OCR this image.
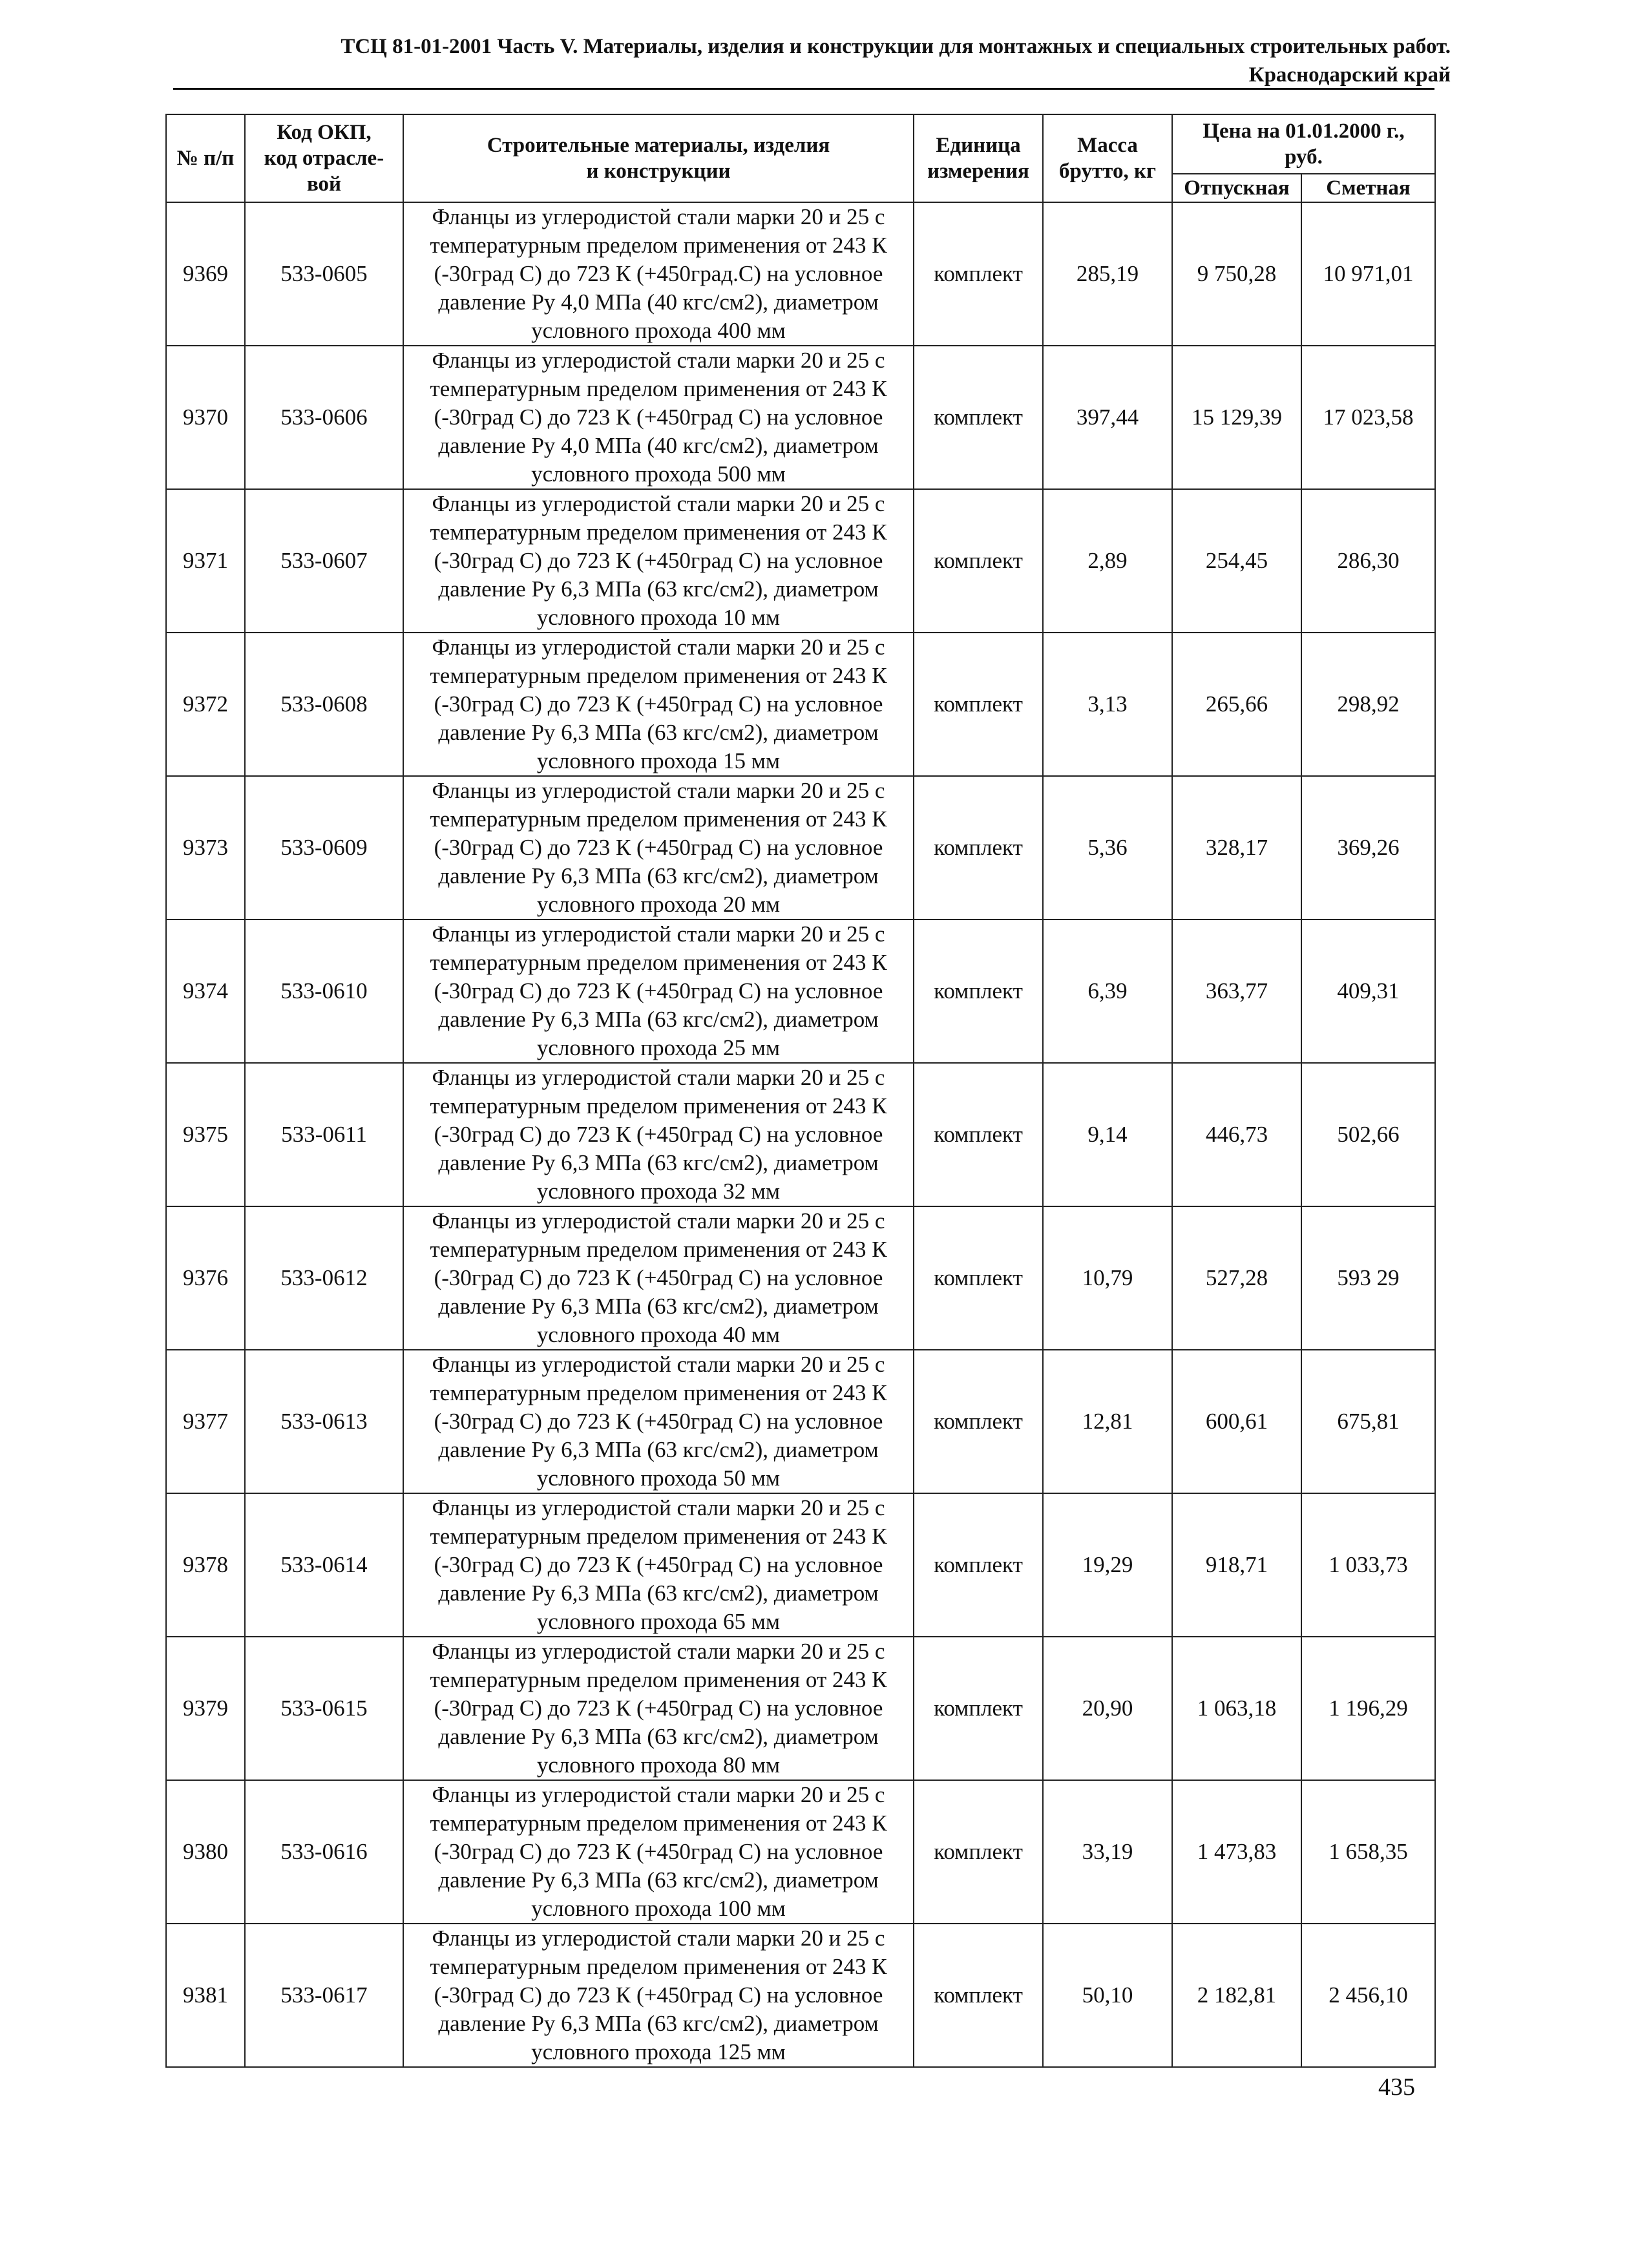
ТСЦ 81-01-2001 Часть V. Материалы, изделия и конструкции для монтажных и специальных строительных работ.
Краснодарский край
№ п/п	Код ОКП,
код отрасле-
вой	Строительные материалы, изделия
и конструкции	Единица
измерения	Масса
брутто, кг	Цена на 01.01.2000 г.,
руб.	
					Отпускная	Сметная
9369	533-0605	Фланцы из углеродистой стали марки 20 и 25 с
температурным пределом применения от 243 К
(-30град С) до 723 К (+450град.С) на условное
давление Ру 4,0 МПа (40 кгс/см2), диаметром
условного прохода 400 мм	комплект	285,19	9 750,28	10 971,01
9370	533-0606	Фланцы из углеродистой стали марки 20 и 25 с
температурным пределом применения от 243 К
(-30град С) до 723 К (+450град С) на условное
давление Ру 4,0 МПа (40 кгс/см2), диаметром
условного прохода 500 мм	комплект	397,44	15 129,39	17 023,58
9371	533-0607	Фланцы из углеродистой стали марки 20 и 25 с
температурным пределом применения от 243 К
(-30град С) до 723 К (+450град С) на условное
давление Ру 6,3 МПа (63 кгс/см2), диаметром
условного прохода 10 мм	комплект	2,89	254,45	286,30
9372	533-0608	Фланцы из углеродистой стали марки 20 и 25 с
температурным пределом применения от 243 К
(-30град С) до 723 К (+450град С) на условное
давление Ру 6,3 МПа (63 кгс/см2), диаметром
условного прохода 15 мм	комплект	3,13	265,66	298,92
9373	533-0609	Фланцы из углеродистой стали марки 20 и 25 с
температурным пределом применения от 243 К
(-30град С) до 723 К (+450град С) на условное
давление Ру 6,3 МПа (63 кгс/см2), диаметром
условного прохода 20 мм	комплект	5,36	328,17	369,26
9374	533-0610	Фланцы из углеродистой стали марки 20 и 25 с
температурным пределом применения от 243 К
(-30град С) до 723 К (+450град С) на условное
давление Ру 6,3 МПа (63 кгс/см2), диаметром
условного прохода 25 мм	комплект	6,39	363,77	409,31
9375	533-0611	Фланцы из углеродистой стали марки 20 и 25 с
температурным пределом применения от 243 К
(-30град С) до 723 К (+450град С) на условное
давление Ру 6,3 МПа (63 кгс/см2), диаметром
условного прохода 32 мм	комплект	9,14	446,73	502,66
9376	533-0612	Фланцы из углеродистой стали марки 20 и 25 с
температурным пределом применения от 243 К
(-30град С) до 723 К (+450град С) на условное
давление Ру 6,3 МПа (63 кгс/см2), диаметром
условного прохода 40 мм	комплект	10,79	527,28	593 29
9377	533-0613	Фланцы из углеродистой стали марки 20 и 25 с
температурным пределом применения от 243 К
(-30град С) до 723 К (+450град С) на условное
давление Ру 6,3 МПа (63 кгс/см2), диаметром
условного прохода 50 мм	комплект	12,81	600,61	675,81
9378	533-0614	Фланцы из углеродистой стали марки 20 и 25 с
температурным пределом применения от 243 К
(-30град С) до 723 К (+450град С) на условное
давление Ру 6,3 МПа (63 кгс/см2), диаметром
условного прохода 65 мм	комплект	19,29	918,71	1 033,73
9379	533-0615	Фланцы из углеродистой стали марки 20 и 25 с
температурным пределом применения от 243 К
(-30град С) до 723 К (+450град С) на условное
давление Ру 6,3 МПа (63 кгс/см2), диаметром
условного прохода 80 мм	комплект	20,90	1 063,18	1 196,29
9380	533-0616	Фланцы из углеродистой стали марки 20 и 25 с
температурным пределом применения от 243 К
(-30град С) до 723 К (+450град С) на условное
давление Ру 6,3 МПа (63 кгс/см2), диаметром
условного прохода 100 мм	комплект	33,19	1 473,83	1 658,35
9381	533-0617	Фланцы из углеродистой стали марки 20 и 25 с
температурным пределом применения от 243 К
(-30град С) до 723 К (+450град С) на условное
давление Ру 6,3 МПа (63 кгс/см2), диаметром
условного прохода 125 мм	комплект	50,10	2 182,81	2 456,10
435
